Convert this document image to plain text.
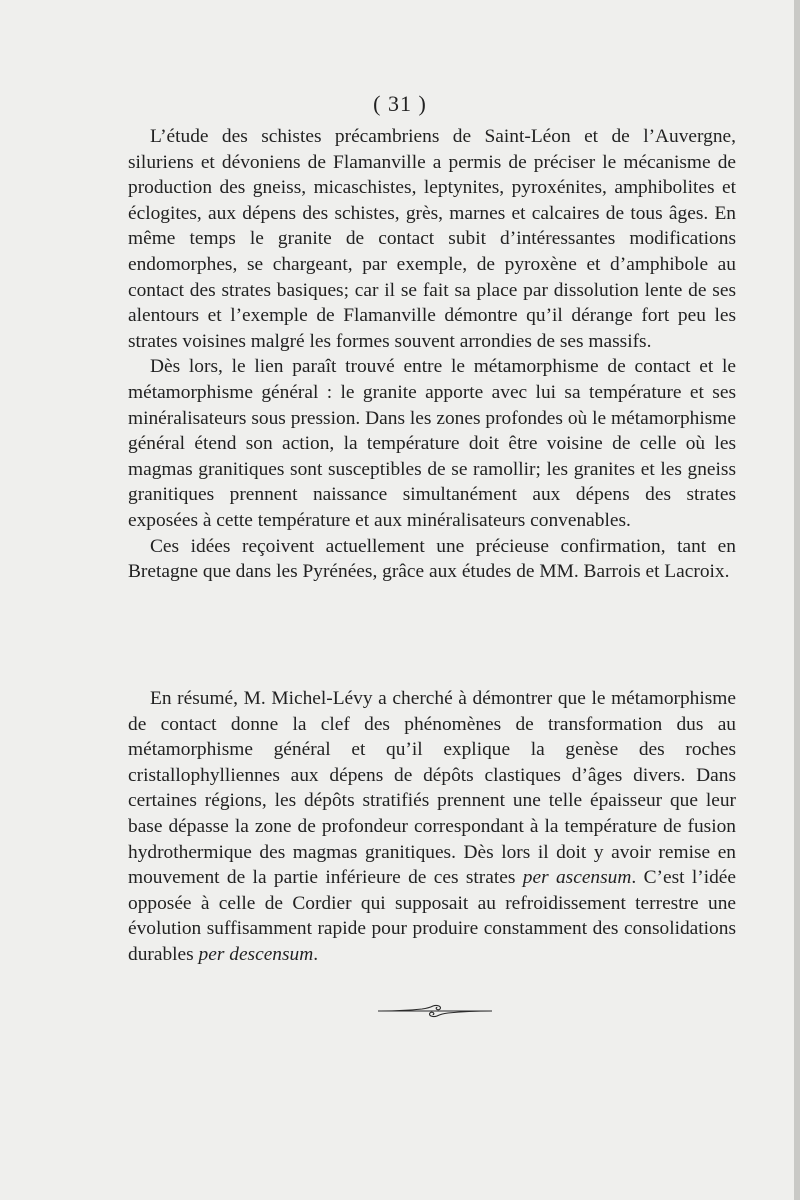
( 31 )

L’étude des schistes précambriens de Saint-Léon et de l’Auvergne, siluriens et dévoniens de Flamanville a permis de préciser le mécanisme de production des gneiss, micaschistes, leptynites, pyroxénites, amphibolites et éclogites, aux dépens des schistes, grès, marnes et calcaires de tous âges. En même temps le granite de contact subit d’intéressantes modifications endomorphes, se chargeant, par exemple, de pyroxène et d’amphibole au contact des strates basiques; car il se fait sa place par dissolution lente de ses alentours et l’exemple de Flamanville démontre qu’il dérange fort peu les strates voisines malgré les formes souvent arrondies de ses massifs.

Dès lors, le lien paraît trouvé entre le métamorphisme de contact et le métamorphisme général : le granite apporte avec lui sa température et ses minéralisateurs sous pression. Dans les zones profondes où le métamorphisme général étend son action, la température doit être voisine de celle où les magmas granitiques sont susceptibles de se ramollir; les granites et les gneiss granitiques prennent naissance simultanément aux dépens des strates exposées à cette température et aux minéralisateurs convenables.

Ces idées reçoivent actuellement une précieuse confirmation, tant en Bretagne que dans les Pyrénées, grâce aux études de MM. Barrois et Lacroix.

En résumé, M. Michel-Lévy a cherché à démontrer que le métamorphisme de contact donne la clef des phénomènes de transformation dus au métamorphisme général et qu’il explique la genèse des roches cristallophylliennes aux dépens de dépôts clastiques d’âges divers. Dans certaines régions, les dépôts stratifiés prennent une telle épaisseur que leur base dépasse la zone de profondeur correspondant à la température de fusion hydrothermique des magmas granitiques. Dès lors il doit y avoir remise en mouvement de la partie inférieure de ces strates per ascensum. C’est l’idée opposée à celle de Cordier qui supposait au refroidissement terrestre une évolution suffisamment rapide pour produire constamment des consolidations durables per descensum.
